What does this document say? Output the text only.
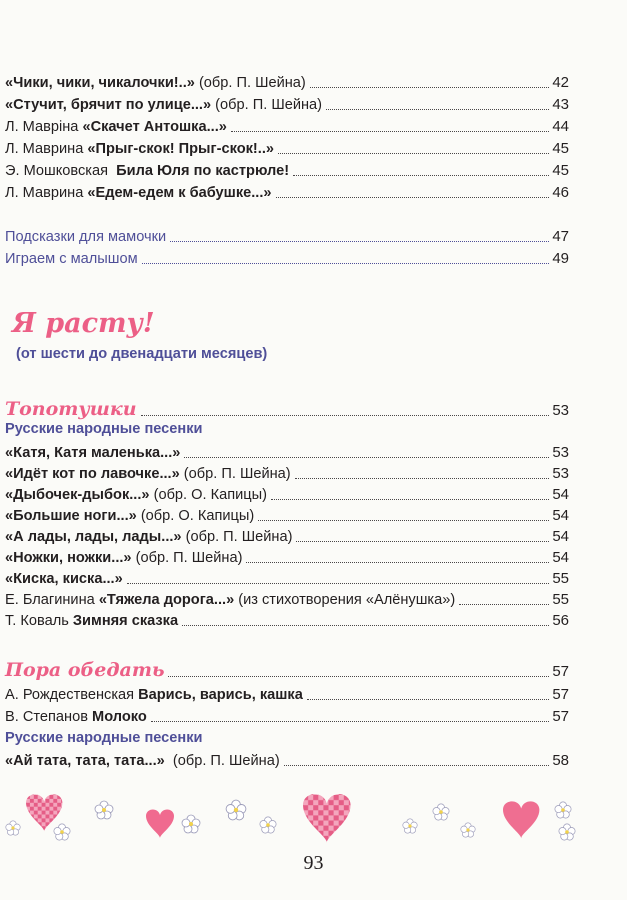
«Чики, чики, чикалочки!..» (обр. П. Шейна)	42
«Стучит, брячит по улице...» (обр. П. Шейна)	43
Л. Мавріна «Скачет Антошка...»	44
Л. Маврина «Прыг-скок! Прыг-скок!..»	45
Э. Мошковская  Била Юля по кастрюле!	45
Л. Маврина «Едем-едем к бабушке...»	46
Подсказки для мамочки	47
Играем с малышом	49
Топотушки	53
Русские народные песенки
«Катя, Катя маленька...»	53
«Идёт кот по лавочке...» (обр. П. Шейна)	53
«Дыбочек-дыбок...» (обр. О. Капицы)	54
«Большие ноги...» (обр. О. Капицы)	54
«А лады, лады, лады...» (обр. П. Шейна)	54
«Ножки, ножки...» (обр. П. Шейна)	54
«Киска, киска...»	55
Е. Благинина «Тяжела дорога...» (из стихотворения «Алёнушка»)	55
Т. Коваль Зимняя сказка	56
Пора обедать	57
А. Рождественская Варись, варись, кашка	57
В. Степанов Молоко	57
Русские народные песенки
«Ай тата, тата, тата...»  (обр. П. Шейна)	58
Я расту!
(от шести до двенадцати месяцев)
93
